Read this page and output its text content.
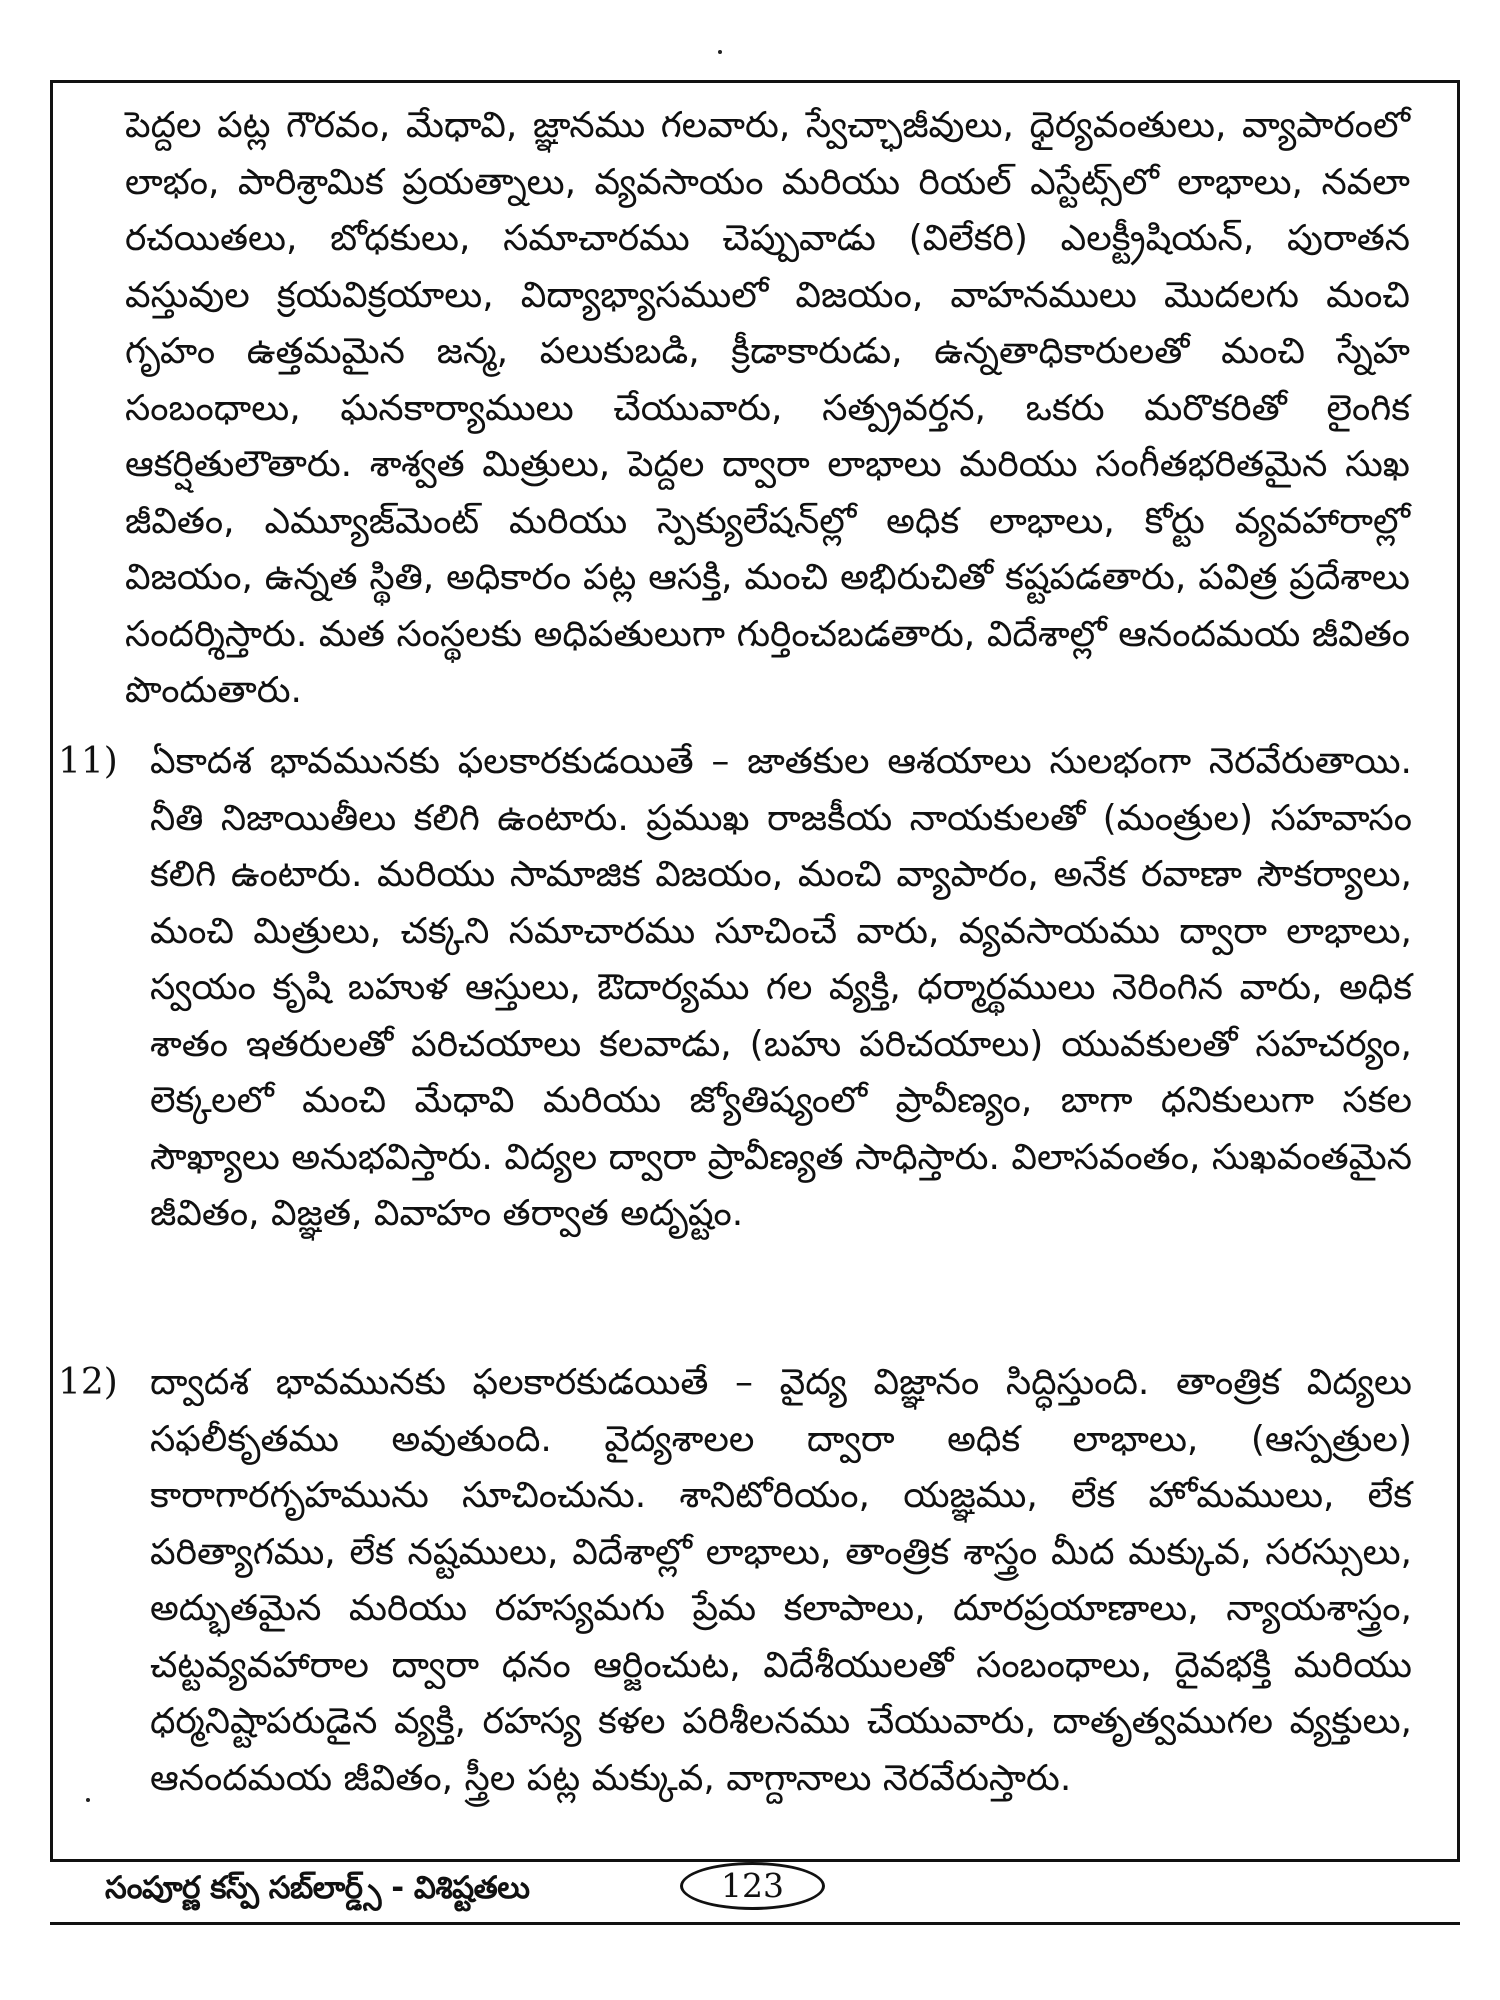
పెద్దల పట్ల గౌరవం, మేధావి, జ్ఞానము గలవారు, స్వేచ్ఛాజీవులు, ధైర్యవంతులు, వ్యాపారంలో లాభం, పారిశ్రామిక ప్రయత్నాలు, వ్యవసాయం మరియు రియల్ ఎస్టేట్స్‌లో లాభాలు, నవలా రచయితలు, బోధకులు, సమాచారము చెప్పువాడు (విలేకరి) ఎలక్ట్రీషియన్, పురాతన వస్తువుల క్రయవిక్రయాలు, విద్యాభ్యాసములో విజయం, వాహనములు మొదలగు మంచి గృహం ఉత్తమమైన జన్మ, పలుకుబడి, క్రీడాకారుడు, ఉన్నతాధికారులతో మంచి స్నేహ సంబంధాలు, ఘనకార్యాములు చేయువారు, సత్ప్రవర్తన, ఒకరు మరొకరితో లైంగిక ఆకర్షితులౌతారు. శాశ్వత మిత్రులు, పెద్దల ద్వారా లాభాలు మరియు సంగీతభరితమైన సుఖ జీవితం, ఎమ్యూజ్‌మెంట్ మరియు స్పెక్యులేషన్‌ల్లో అధిక లాభాలు, కోర్టు వ్యవహారాల్లో విజయం, ఉన్నత స్థితి, అధికారం పట్ల ఆసక్తి, మంచి అభిరుచితో కష్టపడతారు, పవిత్ర ప్రదేశాలు సందర్శిస్తారు. మత సంస్థలకు అధిపతులుగా గుర్తించబడతారు, విదేశాల్లో ఆనందమయ జీవితం పొందుతారు.

11) ఏకాదశ భావమునకు ఫలకారకుడయితే – జాతకుల ఆశయాలు సులభంగా నెరవేరుతాయి. నీతి నిజాయితీలు కలిగి ఉంటారు. ప్రముఖ రాజకీయ నాయకులతో (మంత్రుల) సహవాసం కలిగి ఉంటారు. మరియు సామాజిక విజయం, మంచి వ్యాపారం, అనేక రవాణా సౌకర్యాలు, మంచి మిత్రులు, చక్కని సమాచారము సూచించే వారు, వ్యవసాయము ద్వారా లాభాలు, స్వయం కృషి బహుళ ఆస్తులు, ఔదార్యము గల వ్యక్తి, ధర్మార్థములు నెరింగిన వారు, అధిక శాతం ఇతరులతో పరిచయాలు కలవాడు, (బహు పరిచయాలు) యువకులతో సహచర్యం, లెక్కలలో మంచి మేధావి మరియు జ్యోతిష్యంలో ప్రావీణ్యం, బాగా ధనికులుగా సకల సౌఖ్యాలు అనుభవిస్తారు. విద్యల ద్వారా ప్రావీణ్యత సాధిస్తారు. విలాసవంతం, సుఖవంతమైన జీవితం, విజ్ఞత, వివాహం తర్వాత అదృష్టం.

12) ద్వాదశ భావమునకు ఫలకారకుడయితే – వైద్య విజ్ఞానం సిద్ధిస్తుంది. తాంత్రిక విద్యలు సఫలీకృతము అవుతుంది. వైద్యశాలల ద్వారా అధిక లాభాలు, (ఆస్పత్రుల) కారాగారగృహమును సూచించును. శానిటోరియం, యజ్ఞము, లేక హోమములు, లేక పరిత్యాగము, లేక నష్టములు, విదేశాల్లో లాభాలు, తాంత్రిక శాస్త్రం మీద మక్కువ, సరస్సులు, అద్భుతమైన మరియు రహస్యమగు ప్రేమ కలాపాలు, దూరప్రయాణాలు, న్యాయశాస్త్రం, చట్టవ్యవహారాల ద్వారా ధనం ఆర్జించుట, విదేశీయులతో సంబంధాలు, దైవభక్తి మరియు ధర్మనిష్టాపరుడైన వ్యక్తి, రహస్య కళల పరిశీలనము చేయువారు, దాతృత్వముగల వ్యక్తులు, ఆనందమయ జీవితం, స్త్రీల పట్ల మక్కువ, వాగ్దానాలు నెరవేరుస్తారు.

సంపూర్ణ కస్ప్ సబ్‌లార్డ్స్ - విశిష్టతలు	123
